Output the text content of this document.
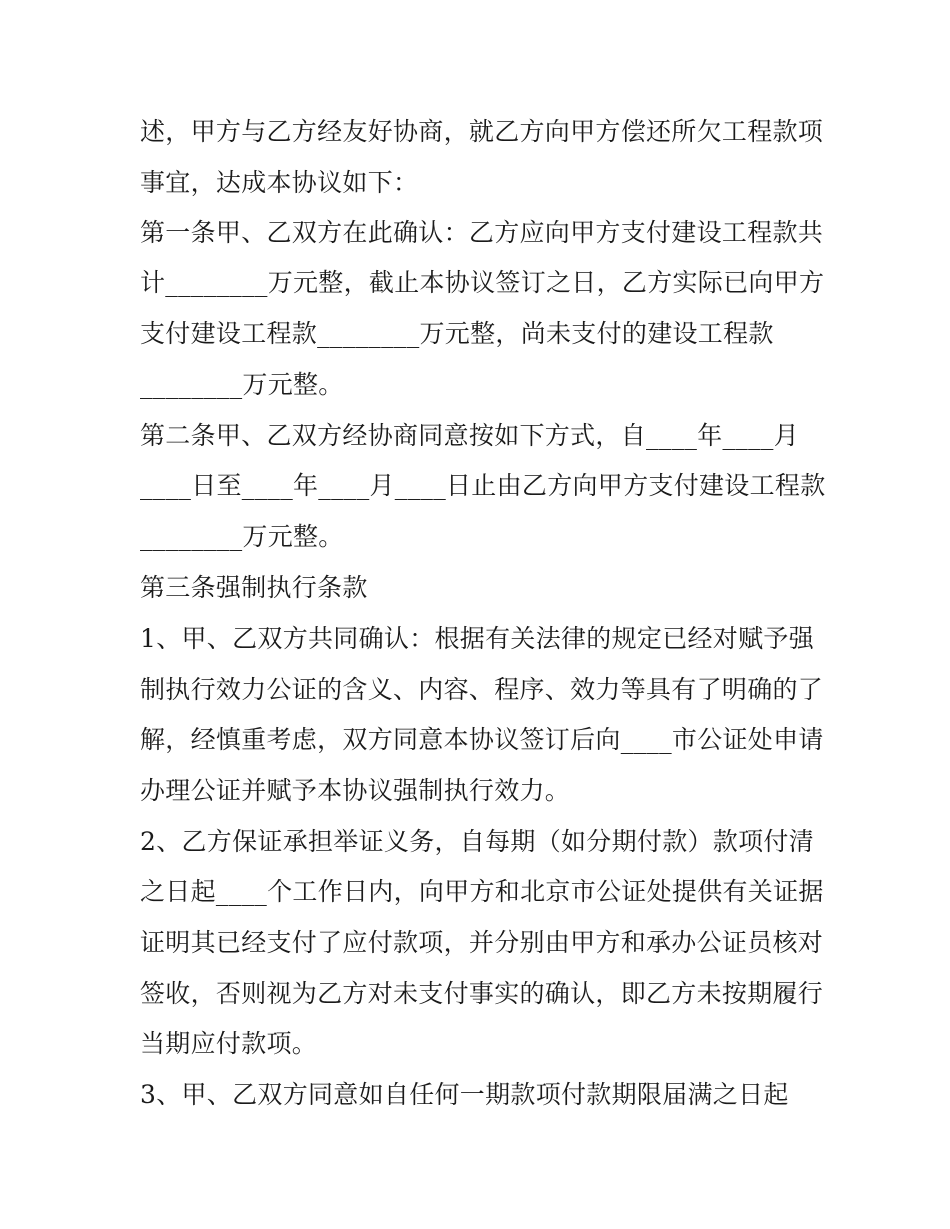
述，甲方与乙方经友好协商，就乙方向甲方偿还所欠工程款项
事宜，达成本协议如下：
第一条甲、乙双方在此确认：乙方应向甲方支付建设工程款共
计________万元整，截止本协议签订之日，乙方实际已向甲方
支付建设工程款________万元整，尚未支付的建设工程款
________万元整。
第二条甲、乙双方经协商同意按如下方式，自____年____月
____日至____年____月____日止由乙方向甲方支付建设工程款
________万元整。
第三条强制执行条款
1、甲、乙双方共同确认：根据有关法律的规定已经对赋予强
制执行效力公证的含义、内容、程序、效力等具有了明确的了
解，经慎重考虑，双方同意本协议签订后向____市公证处申请
办理公证并赋予本协议强制执行效力。
2、乙方保证承担举证义务，自每期（如分期付款）款项付清
之日起____个工作日内，向甲方和北京市公证处提供有关证据
证明其已经支付了应付款项，并分别由甲方和承办公证员核对
签收，否则视为乙方对未支付事实的确认，即乙方未按期履行
当期应付款项。
3、甲、乙双方同意如自任何一期款项付款期限届满之日起
